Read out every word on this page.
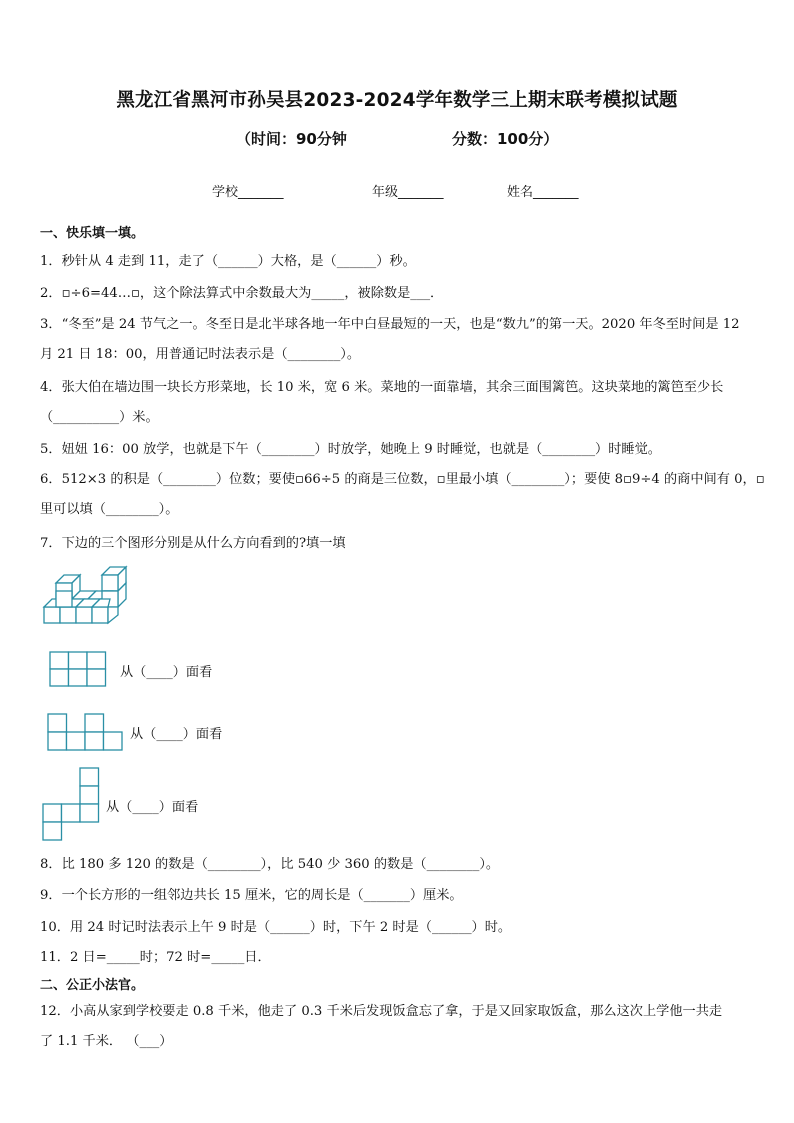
黑龙江省黑河市孙吴县2023-2024学年数学三上期末联考模拟试题
（时间：90分钟	分数：100分）
学校_______	年级_______	姓名_______
一、快乐填一填。
1．秒针从 4 走到 11，走了（______）大格，是（______）秒。
2．▫÷6=44…▫，这个除法算式中余数最大为_____，被除数是___．
3．“冬至”是 24 节气之一。冬至日是北半球各地一年中白昼最短的一天，也是“数九”的第一天。2020 年冬至时间是 12
月 21 日 18：00，用普通记时法表示是（________）。
4．张大伯在墙边围一块长方形菜地，长 10 米，宽 6 米。菜地的一面靠墙，其余三面围篱笆。这块菜地的篱笆至少长
（__________）米。
5．妞妞 16：00 放学，也就是下午（________）时放学，她晚上 9 时睡觉，也就是（________）时睡觉。
6．512×3 的积是（________）位数；要使▫66÷5 的商是三位数，▫里最小填（________）；要使 8▫9÷4 的商中间有 0，▫
里可以填（________）。
7．下边的三个图形分别是从什么方向看到的?填一填
从（____）面看
从（____）面看
从（____）面看
8．比 180 多 120 的数是（________），比 540 少 360 的数是（________）。
9．一个长方形的一组邻边共长 15 厘米，它的周长是（_______）厘米。
10．用 24 时记时法表示上午 9 时是（______）时，下午 2 时是（______）时。
11．2 日=_____时；72 时=_____日．
二、公正小法官。
12．小高从家到学校要走 0.8 千米，他走了 0.3 千米后发现饭盒忘了拿，于是又回家取饭盒，那么这次上学他一共走
了 1.1 千米． （___）
